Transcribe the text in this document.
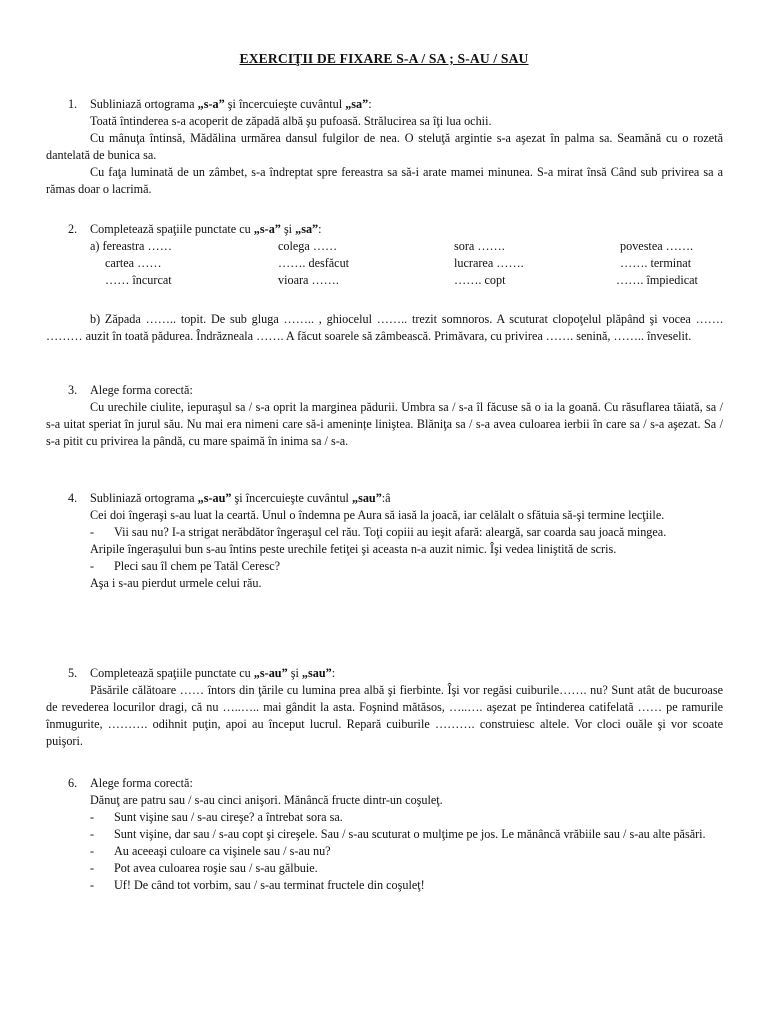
EXERCIŢII DE FIXARE S-A / SA ; S-AU / SAU

1. Subliniază ortograma „s-a” şi încercuieşte cuvântul „sa”:

Toată întinderea s-a acoperit de zăpadă albă şu pufoasă. Strălucirea sa îţi lua ochii.

Cu mânuţa întinsă, Mădălina urmărea dansul fulgilor de nea. O steluţă argintie s-a aşezat în palma sa. Seamănă cu o rozetă dantelată de bunica sa.

Cu faţa luminată de un zâmbet, s-a îndreptat spre fereastra sa să-i arate mamei minunea. S-a mirat însă Când sub privirea sa a rămas doar o lacrimă.

2. Completează spaţiile punctate cu „s-a” şi „sa”:

a) fereastra ……	colega ……	sora …….	povestea …….
cartea ……	……. desfăcut	lucrarea …….	……. terminat
…… încurcat	vioara …….	……. copt	……. împiedicat

b) Zăpada …….. topit. De sub gluga …….. , ghiocelul …….. trezit somnoros. A scuturat clopoţelul plăpând şi vocea ……. ……… auzit în toată pădurea. Îndrăzneala ……. A făcut soarele să zâmbească. Primăvara, cu privirea ……. senină, …….. înveselit.

3. Alege forma corectă:

Cu urechile ciulite, iepuraşul sa / s-a oprit la marginea pădurii. Umbra sa / s-a îl făcuse să o ia la goană. Cu răsuflarea tăiată, sa / s-a uitat speriat în jurul său. Nu mai era nimeni care să-i amenințe liniştea. Blăniţa sa / s-a avea culoarea ierbii în care sa / s-a aşezat. Sa / s-a pitit cu privirea la pândă, cu mare spaimă în inima sa / s-a.

4. Subliniază ortograma „s-au” şi încercuieşte cuvântul „sau”:â

Cei doi îngeraşi s-au luat la ceartă. Unul o îndemna pe Aura să iasă la joacă, iar celălalt o sfătuia să-şi termine lecţiile.

- Vii sau nu? I-a strigat nerăbdător îngeraşul cel rău. Toţi copiii au ieşit afară: aleargă, sar coarda sau joacă mingea.

Aripile îngeraşului bun s-au întins peste urechile fetiţei şi aceasta n-a auzit nimic. Îşi vedea liniştită de scris.

- Pleci sau îl chem pe Tatăl Ceresc?

Aşa i s-au pierdut urmele celui rău.

5. Completează spaţiile punctate cu „s-au” şi „sau”:

Păsările călătoare …… întors din ţările cu lumina prea albă şi fierbinte. Îşi vor regăsi cuiburile……. nu? Sunt atât de bucuroase de revederea locurilor dragi, că nu …..….. mai gândit la asta. Foşnind mătăsos, …..…. aşezat pe întinderea catifelată …… pe ramurile înmugurite, ………. odihnit puţin, apoi au început lucrul. Repară cuiburile ………. construiesc altele. Vor cloci ouăle şi vor scoate puişori.

6. Alege forma corectă:

Dănuţ are patru sau / s-au cinci anişori. Mănâncă fructe dintr-un coşuleţ.

- Sunt vişine sau / s-au cireşe? a întrebat sora sa.

- Sunt vişine, dar sau / s-au copt şi cireşele. Sau / s-au scuturat o mulţime pe jos. Le mănâncă vrăbiile sau / s-au alte păsări.

- Au aceeaşi culoare ca vişinele sau / s-au nu?

- Pot avea culoarea roşie sau / s-au gălbuie.

- Uf! De când tot vorbim, sau / s-au terminat fructele din coşuleţ!
